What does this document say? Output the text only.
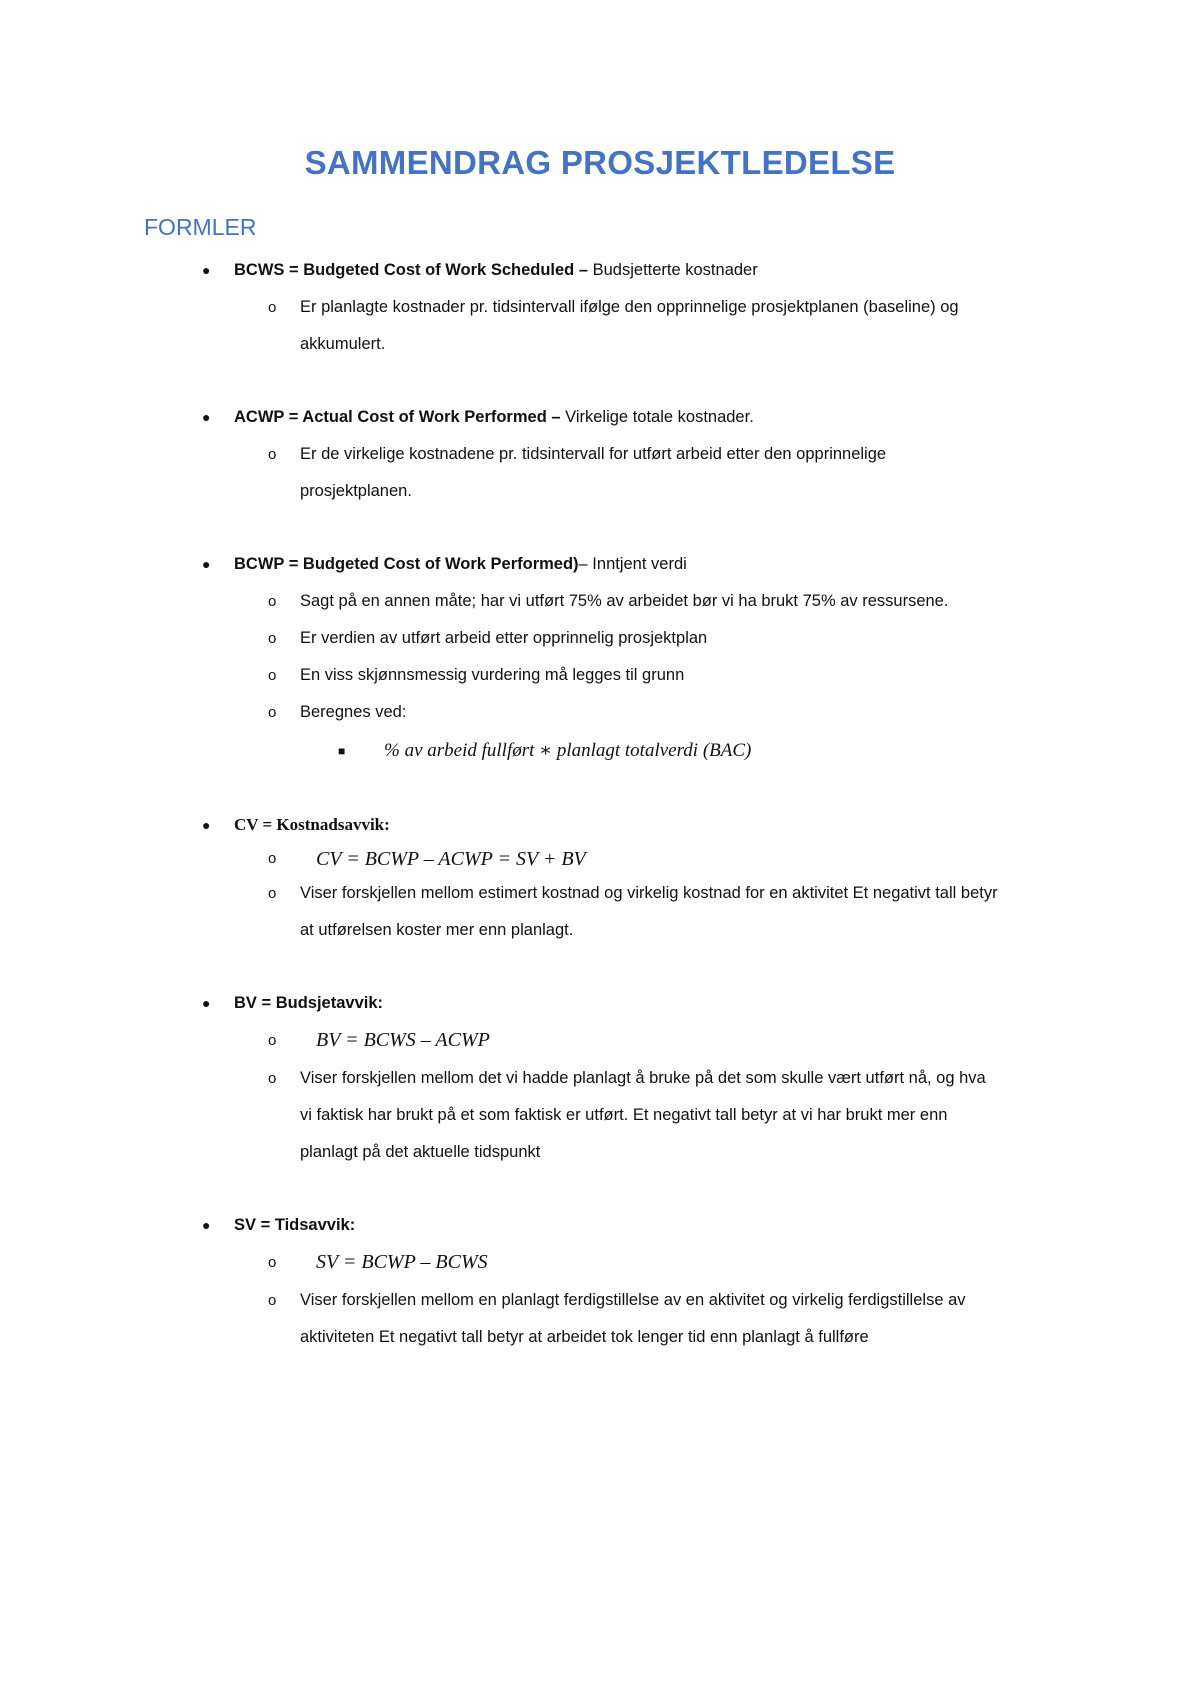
SAMMENDRAG PROSJEKTLEDELSE
FORMLER
● BCWS = Budgeted Cost of Work Scheduled – Budsjetterte kostnader
o Er planlagte kostnader pr. tidsintervall ifølge den opprinnelige prosjektplanen (baseline) og akkumulert.
● ACWP = Actual Cost of Work Performed – Virkelige totale kostnader.
o Er de virkelige kostnadene pr. tidsintervall for utført arbeid etter den opprinnelige prosjektplanen.
● BCWP = Budgeted Cost of Work Performed)– Inntjent verdi
o Sagt på en annen måte; har vi utført 75% av arbeidet bør vi ha brukt 75% av ressursene.
o Er verdien av utført arbeid etter opprinnelig prosjektplan
o En viss skjønnsmessig vurdering må legges til grunn
o Beregnes ved:
■ % av arbeid fullført ∗ planlagt totalverdi (BAC)
● CV = Kostnadsavvik:
o CV = BCWP – ACWP = SV + BV
o Viser forskjellen mellom estimert kostnad og virkelig kostnad for en aktivitet Et negativt tall betyr at utførelsen koster mer enn planlagt.
● BV = Budsjetavvik:
o BV = BCWS – ACWP
o Viser forskjellen mellom det vi hadde planlagt å bruke på det som skulle vært utført nå, og hva vi faktisk har brukt på et som faktisk er utført. Et negativt tall betyr at vi har brukt mer enn planlagt på det aktuelle tidspunkt
● SV = Tidsavvik:
o SV = BCWP – BCWS
o Viser forskjellen mellom en planlagt ferdigstillelse av en aktivitet og virkelig ferdigstillelse av aktiviteten Et negativt tall betyr at arbeidet tok lenger tid enn planlagt å fullføre
